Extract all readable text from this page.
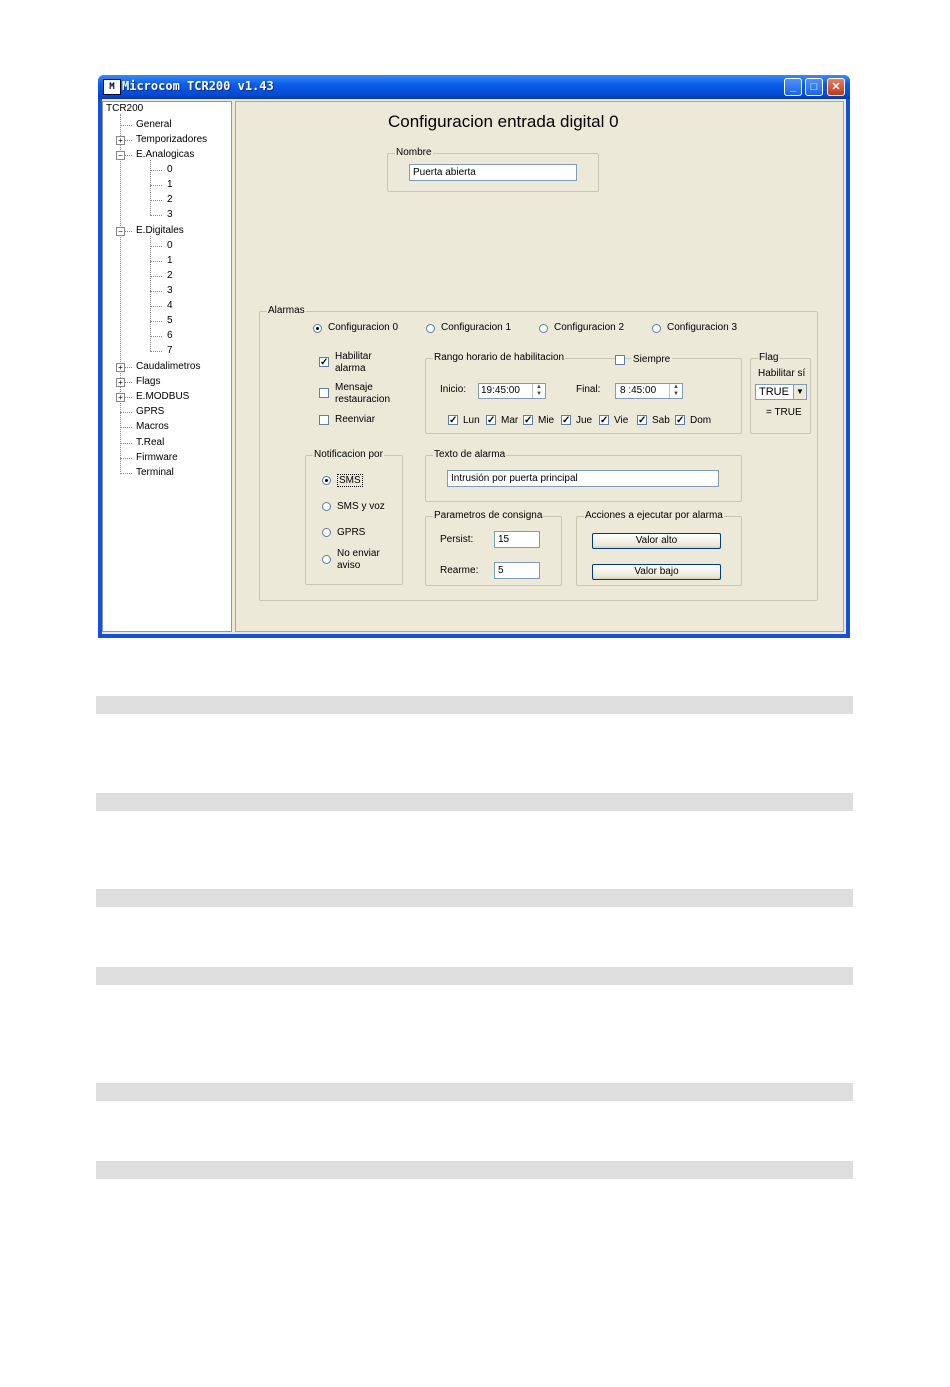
M Microcom TCR200 v1.43	_	□	✕
TCR200
General
+ Temporizadores
− E.Analogicas
0
1
2
3
− E.Digitales
0
1
2
3
4
5
6
7
+ Caudalimetros
+ Flags
+ E.MODBUS
GPRS
Macros
T.Real
Firmware
Terminal
Configuracion entrada digital 0
Nombre
Puerta abierta
Alarmas
Configuracion 0	Configuracion 1	Configuracion 2	Configuracion 3
✓
Habilitar alarma
Mensaje restauracion
Reenviar
Rango horario de habilitacion	Siempre
Inicio:	19:45:00	▲
▼	Final:	8 :45:00	▲
▼
✓ Lun ✓ Mar ✓ Mie ✓ Jue ✓ Vie ✓ Sab ✓ Dom
Flag
Habilitar sí
TRUE ▼
= TRUE
Notificacion por
SMS
SMS y voz
GPRS
No enviar aviso
Texto de alarma
Intrusión por puerta principal
Parametros de consigna
Persist:	15
Rearme:	5
Acciones a ejecutar por alarma
Valor alto
Valor bajo
